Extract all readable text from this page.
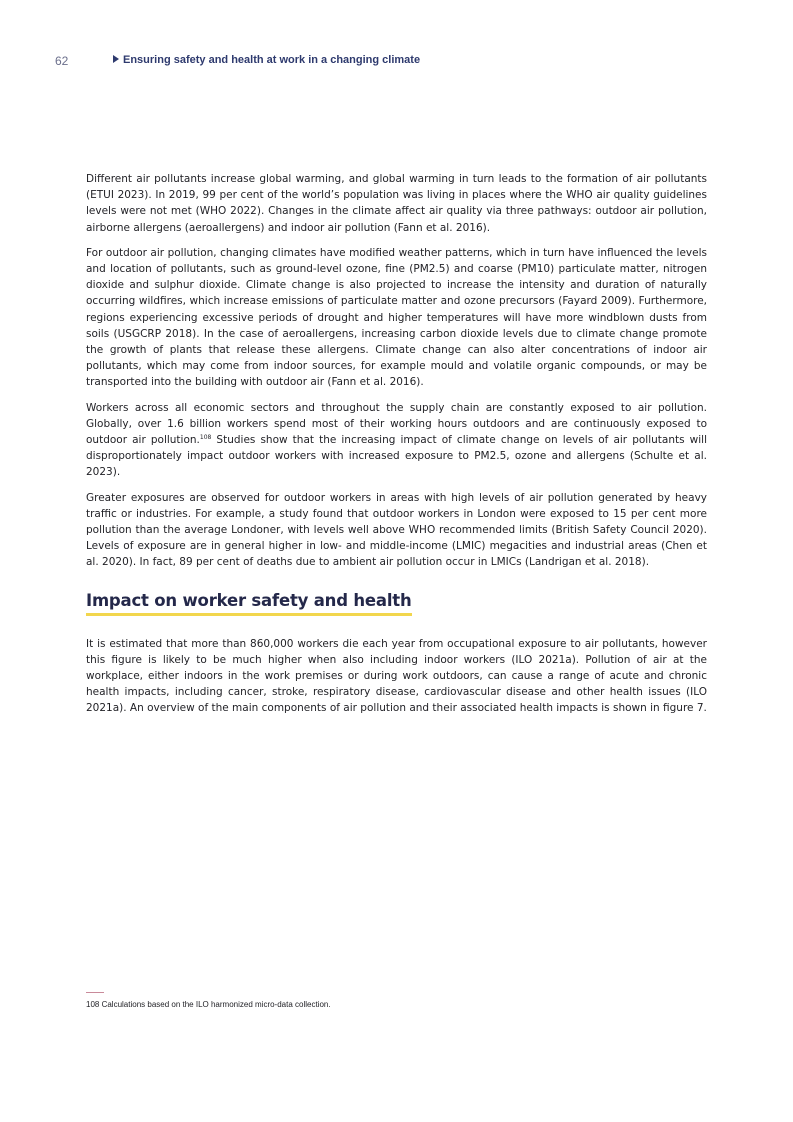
62	Ensuring safety and health at work in a changing climate

Different air pollutants increase global warming, and global warming in turn leads to the formation of air pollutants (ETUI 2023). In 2019, 99 per cent of the world’s population was living in places where the WHO air quality guidelines levels were not met (WHO 2022). Changes in the climate affect air quality via three pathways: outdoor air pollution, airborne allergens (aeroallergens) and indoor air pollution (Fann et al. 2016).

For outdoor air pollution, changing climates have modified weather patterns, which in turn have influenced the levels and location of pollutants, such as ground-level ozone, fine (PM2.5) and coarse (PM10) particulate matter, nitrogen dioxide and sulphur dioxide. Climate change is also projected to increase the intensity and duration of naturally occurring wildfires, which increase emissions of particulate matter and ozone precursors (Fayard 2009). Furthermore, regions experiencing excessive periods of drought and higher temperatures will have more windblown dusts from soils (USGCRP 2018). In the case of aeroallergens, increasing carbon dioxide levels due to climate change promote the growth of plants that release these allergens. Climate change can also alter concentrations of indoor air pollutants, which may come from indoor sources, for example mould and volatile organic compounds, or may be transported into the building with outdoor air (Fann et al. 2016).

Workers across all economic sectors and throughout the supply chain are constantly exposed to air pollution. Globally, over 1.6 billion workers spend most of their working hours outdoors and are continuously exposed to outdoor air pollution.$^{108}$ Studies show that the increasing impact of climate change on levels of air pollutants will disproportionately impact outdoor workers with increased exposure to PM2.5, ozone and allergens (Schulte et al. 2023).

Greater exposures are observed for outdoor workers in areas with high levels of air pollution generated by heavy traffic or industries. For example, a study found that outdoor workers in London were exposed to 15 per cent more pollution than the average Londoner, with levels well above WHO recommended limits (British Safety Council 2020). Levels of exposure are in general higher in low- and middle-income (LMIC) megacities and industrial areas (Chen et al. 2020). In fact, 89 per cent of deaths due to ambient air pollution occur in LMICs (Landrigan et al. 2018).

Impact on worker safety and health

It is estimated that more than 860,000 workers die each year from occupational exposure to air pollutants, however this figure is likely to be much higher when also including indoor workers (ILO 2021a). Pollution of air at the workplace, either indoors in the work premises or during work outdoors, can cause a range of acute and chronic health impacts, including cancer, stroke, respiratory disease, cardiovascular disease and other health issues (ILO 2021a). An overview of the main components of air pollution and their associated health impacts is shown in figure 7.

108 Calculations based on the ILO harmonized micro-data collection.
